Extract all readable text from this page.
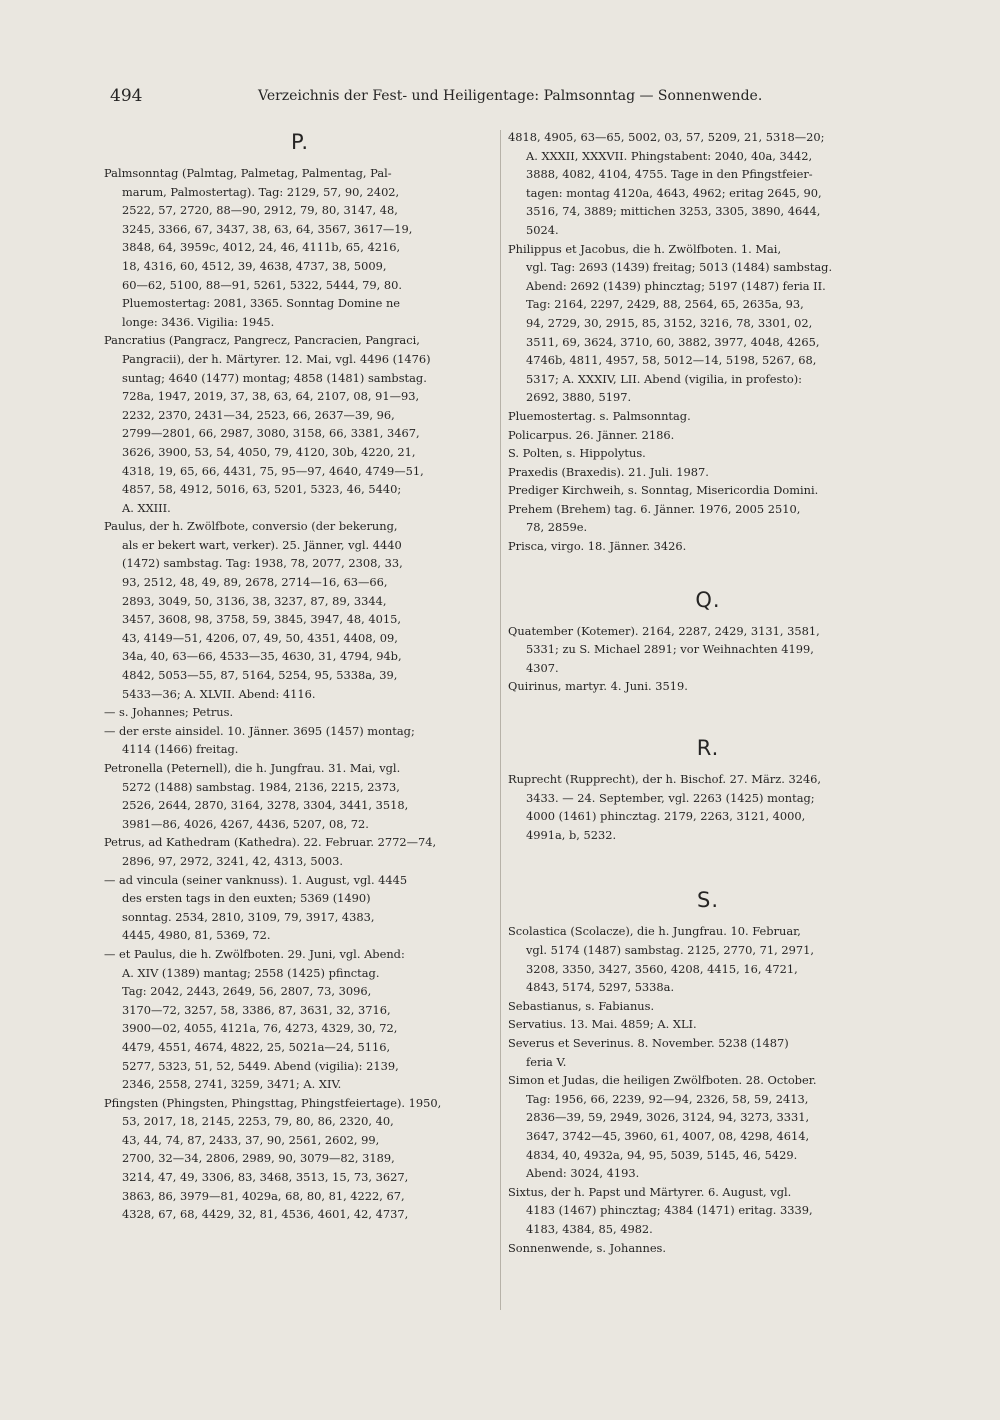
494	Verzeichnis der Fest- und Heiligentage: Palmsonntag — Sonnenwende.
P.

Palmsonntag (Palmtag, Palmetag, Palmentag, Pal-
marum, Palmostertag). Tag: 2129, 57, 90, 2402,
2522, 57, 2720, 88—90, 2912, 79, 80, 3147, 48,
3245, 3366, 67, 3437, 38, 63, 64, 3567, 3617—19,
3848, 64, 3959c, 4012, 24, 46, 4111b, 65, 4216,
18, 4316, 60, 4512, 39, 4638, 4737, 38, 5009,
60—62, 5100, 88—91, 5261, 5322, 5444, 79, 80.
Pluemostertag: 2081, 3365. Sonntag Domine ne
longe: 3436. Vigilia: 1945.

Pancratius (Pangracz, Pangrecz, Pancracien, Pangraci,
Pangracii), der h. Märtyrer. 12. Mai, vgl. 4496 (1476)
suntag; 4640 (1477) montag; 4858 (1481) sambstag.
728a, 1947, 2019, 37, 38, 63, 64, 2107, 08, 91—93,
2232, 2370, 2431—34, 2523, 66, 2637—39, 96,
2799—2801, 66, 2987, 3080, 3158, 66, 3381, 3467,
3626, 3900, 53, 54, 4050, 79, 4120, 30b, 4220, 21,
4318, 19, 65, 66, 4431, 75, 95—97, 4640, 4749—51,
4857, 58, 4912, 5016, 63, 5201, 5323, 46, 5440;
A. XXIII.

Paulus, der h. Zwölfbote, conversio (der bekerung,
als er bekert wart, verker). 25. Jänner, vgl. 4440
(1472) sambstag. Tag: 1938, 78, 2077, 2308, 33,
93, 2512, 48, 49, 89, 2678, 2714—16, 63—66,
2893, 3049, 50, 3136, 38, 3237, 87, 89, 3344,
3457, 3608, 98, 3758, 59, 3845, 3947, 48, 4015,
43, 4149—51, 4206, 07, 49, 50, 4351, 4408, 09,
34a, 40, 63—66, 4533—35, 4630, 31, 4794, 94b,
4842, 5053—55, 87, 5164, 5254, 95, 5338a, 39,
5433—36; A. XLVII. Abend: 4116.

— s. Johannes; Petrus.

— der erste ainsidel. 10. Jänner. 3695 (1457) montag;
4114 (1466) freitag.

Petronella (Peternell), die h. Jungfrau. 31. Mai, vgl.
5272 (1488) sambstag. 1984, 2136, 2215, 2373,
2526, 2644, 2870, 3164, 3278, 3304, 3441, 3518,
3981—86, 4026, 4267, 4436, 5207, 08, 72.

Petrus, ad Kathedram (Kathedra). 22. Februar. 2772—74,
2896, 97, 2972, 3241, 42, 4313, 5003.

— ad vincula (seiner vanknuss). 1. August, vgl. 4445
des ersten tags in den euxten; 5369 (1490)
sonntag. 2534, 2810, 3109, 79, 3917, 4383,
4445, 4980, 81, 5369, 72.

— et Paulus, die h. Zwölfboten. 29. Juni, vgl. Abend:
A. XIV (1389) mantag; 2558 (1425) pfinctag.
Tag: 2042, 2443, 2649, 56, 2807, 73, 3096,
3170—72, 3257, 58, 3386, 87, 3631, 32, 3716,
3900—02, 4055, 4121a, 76, 4273, 4329, 30, 72,
4479, 4551, 4674, 4822, 25, 5021a—24, 5116,
5277, 5323, 51, 52, 5449. Abend (vigilia): 2139,
2346, 2558, 2741, 3259, 3471; A. XIV.

Pfingsten (Phingsten, Phingsttag, Phingstfeiertage). 1950,
53, 2017, 18, 2145, 2253, 79, 80, 86, 2320, 40,
43, 44, 74, 87, 2433, 37, 90, 2561, 2602, 99,
2700, 32—34, 2806, 2989, 90, 3079—82, 3189,
3214, 47, 49, 3306, 83, 3468, 3513, 15, 73, 3627,
3863, 86, 3979—81, 4029a, 68, 80, 81, 4222, 67,
4328, 67, 68, 4429, 32, 81, 4536, 4601, 42, 4737,

4818, 4905, 63—65, 5002, 03, 57, 5209, 21, 5318—20;
A. XXXII, XXXVII. Phingstabent: 2040, 40a, 3442,
3888, 4082, 4104, 4755. Tage in den Pfingstfeier-
tagen: montag 4120a, 4643, 4962; eritag 2645, 90,
3516, 74, 3889; mittichen 3253, 3305, 3890, 4644,
5024.

Philippus et Jacobus, die h. Zwölfboten. 1. Mai,
vgl. Tag: 2693 (1439) freitag; 5013 (1484) sambstag.
Abend: 2692 (1439) phincztag; 5197 (1487) feria II.
Tag: 2164, 2297, 2429, 88, 2564, 65, 2635a, 93,
94, 2729, 30, 2915, 85, 3152, 3216, 78, 3301, 02,
3511, 69, 3624, 3710, 60, 3882, 3977, 4048, 4265,
4746b, 4811, 4957, 58, 5012—14, 5198, 5267, 68,
5317; A. XXXIV, LII. Abend (vigilia, in profesto):
2692, 3880, 5197.

Pluemostertag. s. Palmsonntag.

Policarpus. 26. Jänner. 2186.

S. Polten, s. Hippolytus.

Praxedis (Braxedis). 21. Juli. 1987.

Prediger Kirchweih, s. Sonntag, Misericordia Domini.

Prehem (Brehem) tag. 6. Jänner. 1976, 2005 2510,
78, 2859e.

Prisca, virgo. 18. Jänner. 3426.

Q.

Quatember (Kotemer). 2164, 2287, 2429, 3131, 3581,
5331; zu S. Michael 2891; vor Weihnachten 4199,
4307.

Quirinus, martyr. 4. Juni. 3519.

R.

Ruprecht (Rupprecht), der h. Bischof. 27. März. 3246,
3433. — 24. September, vgl. 2263 (1425) montag;
4000 (1461) phincztag. 2179, 2263, 3121, 4000,
4991a, b, 5232.

S.

Scolastica (Scolacze), die h. Jungfrau. 10. Februar,
vgl. 5174 (1487) sambstag. 2125, 2770, 71, 2971,
3208, 3350, 3427, 3560, 4208, 4415, 16, 4721,
4843, 5174, 5297, 5338a.

Sebastianus, s. Fabianus.

Servatius. 13. Mai. 4859; A. XLI.

Severus et Severinus. 8. November. 5238 (1487)
feria V.

Simon et Judas, die heiligen Zwölfboten. 28. October.
Tag: 1956, 66, 2239, 92—94, 2326, 58, 59, 2413,
2836—39, 59, 2949, 3026, 3124, 94, 3273, 3331,
3647, 3742—45, 3960, 61, 4007, 08, 4298, 4614,
4834, 40, 4932a, 94, 95, 5039, 5145, 46, 5429.
Abend: 3024, 4193.

Sixtus, der h. Papst und Märtyrer. 6. August, vgl.
4183 (1467) phincztag; 4384 (1471) eritag. 3339,
4183, 4384, 85, 4982.

Sonnenwende, s. Johannes.
